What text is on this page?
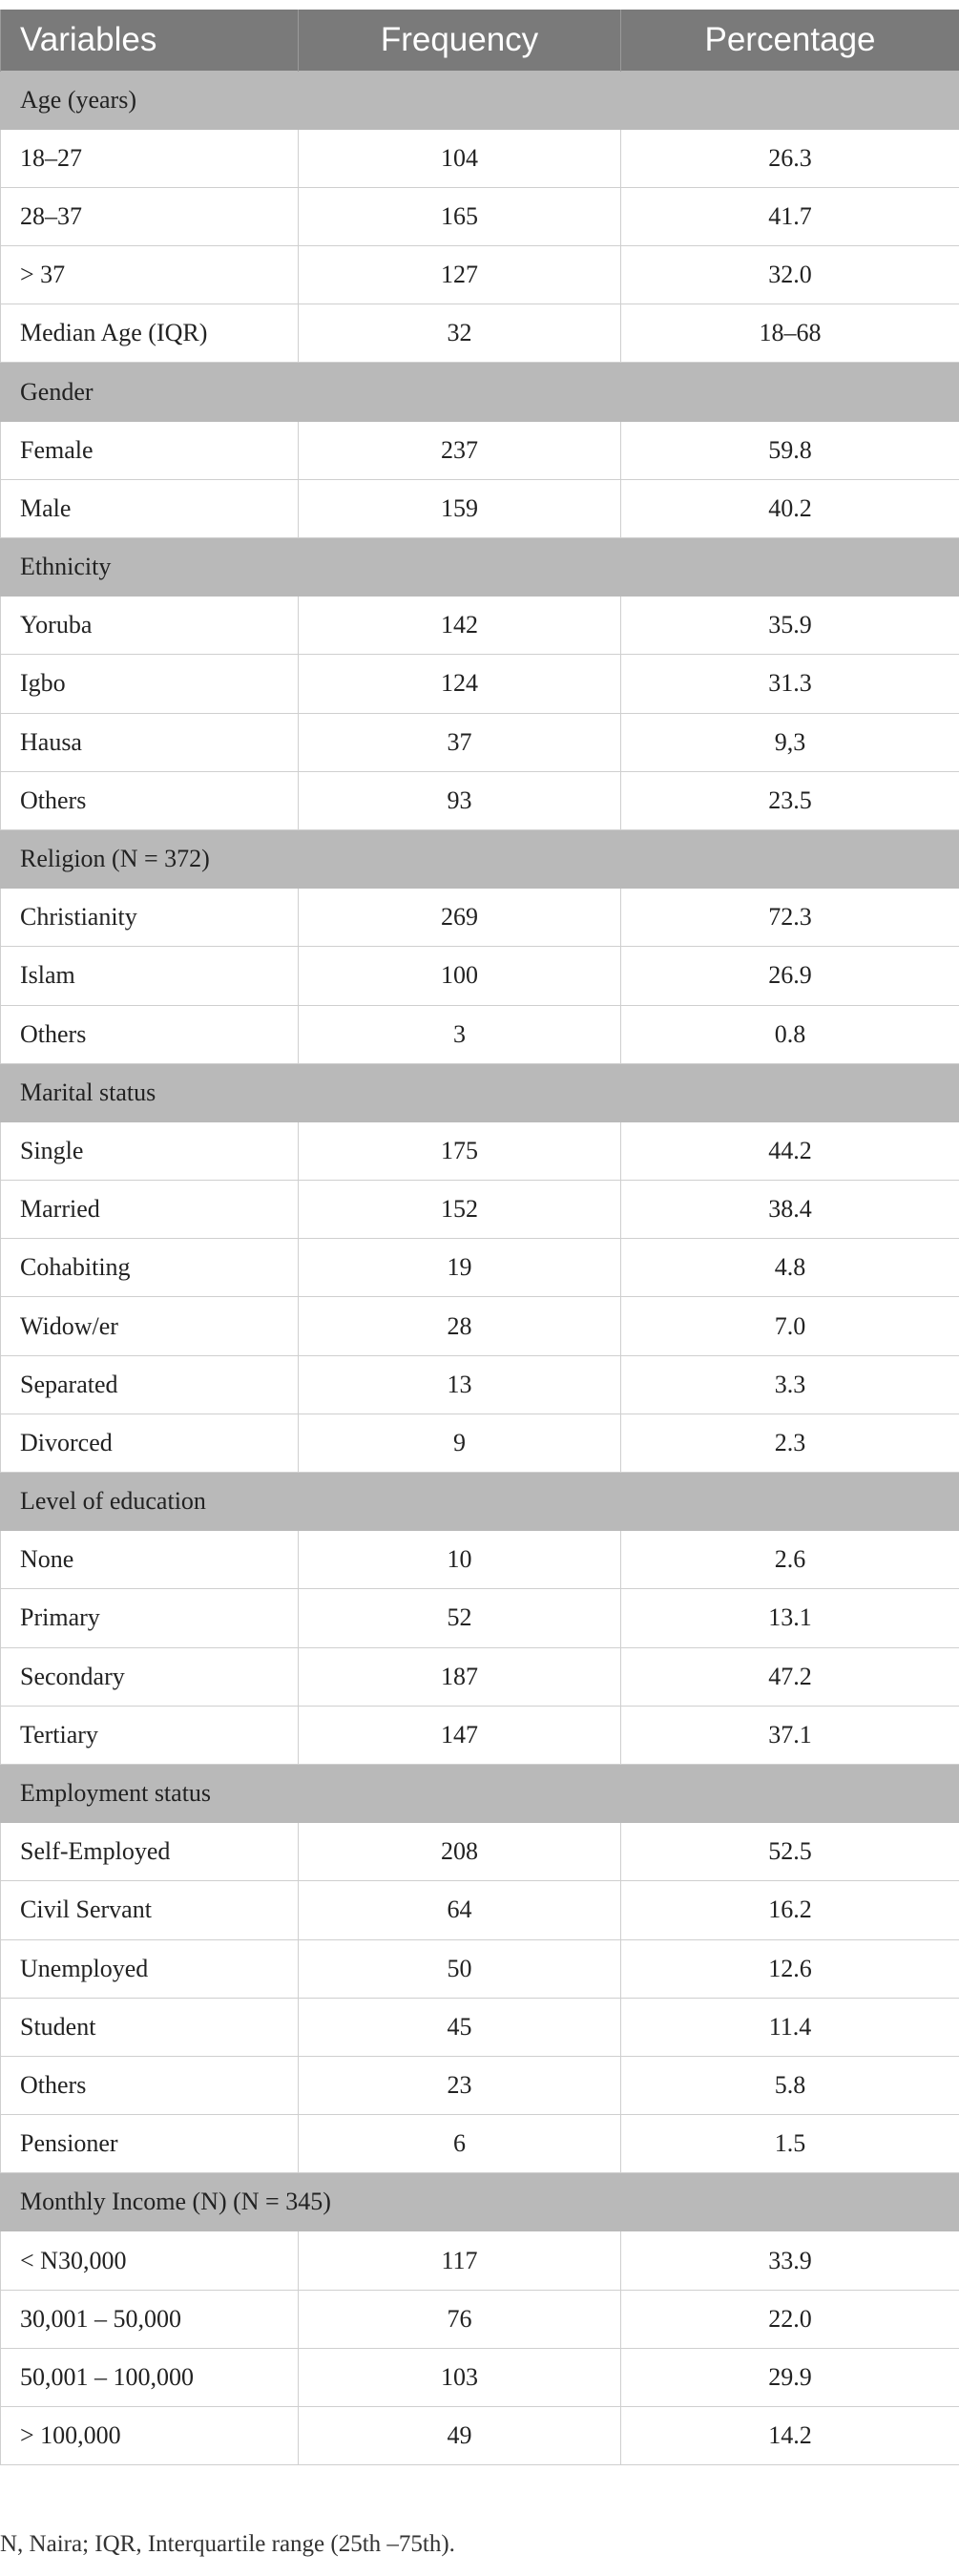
Variables	Frequency	Percentage
Age (years)		
18–27	104	26.3
28–37	165	41.7
> 37	127	32.0
Median Age (IQR)	32	18–68
Gender		
Female	237	59.8
Male	159	40.2
Ethnicity		
Yoruba	142	35.9
Igbo	124	31.3
Hausa	37	9,3
Others	93	23.5
Religion (N = 372)		
Christianity	269	72.3
Islam	100	26.9
Others	3	0.8
Marital status		
Single	175	44.2
Married	152	38.4
Cohabiting	19	4.8
Widow/er	28	7.0
Separated	13	3.3
Divorced	9	2.3
Level of education		
None	10	2.6
Primary	52	13.1
Secondary	187	47.2
Tertiary	147	37.1
Employment status		
Self-Employed	208	52.5
Civil Servant	64	16.2
Unemployed	50	12.6
Student	45	11.4
Others	23	5.8
Pensioner	6	1.5
Monthly Income (N) (N = 345)		
< N30,000	117	33.9
30,001 – 50,000	76	22.0
50,001 – 100,000	103	29.9
> 100,000	49	14.2
N, Naira; IQR, Interquartile range (25th –75th).
